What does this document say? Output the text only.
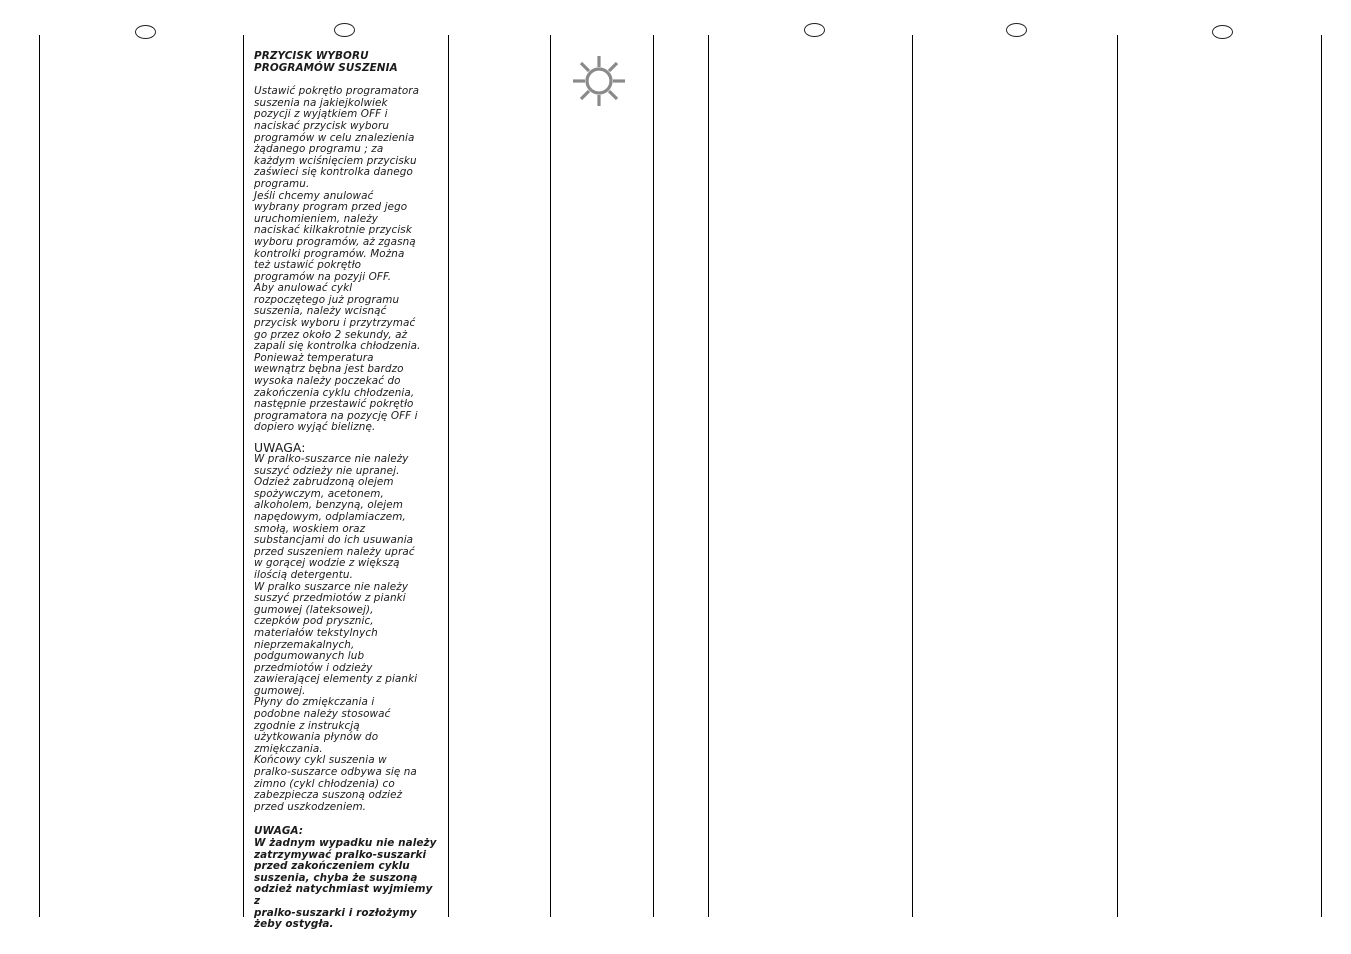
PRZYCISK WYBORU
PROGRAMÓW SUSZENIA

Ustawić pokrętło programatora
suszenia na jakiejkolwiek
pozycji z wyjątkiem OFF i
naciskać przycisk wyboru
programów w celu znalezienia
żądanego programu ; za
każdym wciśnięciem przycisku
zaświeci się kontrolka danego
programu.
Jeśli chcemy anulować
wybrany program przed jego
uruchomieniem, należy
naciskać kilkakrotnie przycisk
wyboru programów, aż zgasną
kontrolki programów. Można
też ustawić pokrętło
programów na pozyji OFF.
Aby anulować cykl
rozpoczętego już programu
suszenia, należy wcisnąć
przycisk wyboru i przytrzymać
go przez około 2 sekundy, aż
zapali się kontrolka chłodzenia.
Ponieważ temperatura
wewnątrz bębna jest bardzo
wysoka należy poczekać do
zakończenia cyklu chłodzenia,
następnie przestawić pokrętło
programatora na pozycję OFF i
dopiero wyjąć bieliznę.

UWAGA:

W pralko-suszarce nie należy
suszyć odzieży nie upranej.
Odzież zabrudzoną olejem
spożywczym, acetonem,
alkoholem, benzyną, olejem
napędowym, odplamiaczem,
smołą, woskiem oraz
substancjami do ich usuwania
przed suszeniem należy uprać
w gorącej wodzie z większą
ilością detergentu.
W pralko suszarce nie należy
suszyć przedmiotów z pianki
gumowej (lateksowej),
czepków pod prysznic,
materiałów tekstylnych
nieprzemakalnych,
podgumowanych lub
przedmiotów i odzieży
zawierającej elementy z pianki
gumowej.
Płyny do zmiękczania i
podobne należy stosować
zgodnie z instrukcją
użytkowania płynów do
zmiękczania.
Końcowy cykl suszenia w
pralko-suszarce odbywa się na
zimno (cykl chłodzenia) co
zabezpiecza suszoną odzież
przed uszkodzeniem.

UWAGA:

W żadnym wypadku nie należy
zatrzymywać pralko-suszarki
przed zakończeniem cyklu
suszenia, chyba że suszoną
odzież natychmiast wyjmiemy z
pralko-suszarki i rozłożymy
żeby ostygła.
